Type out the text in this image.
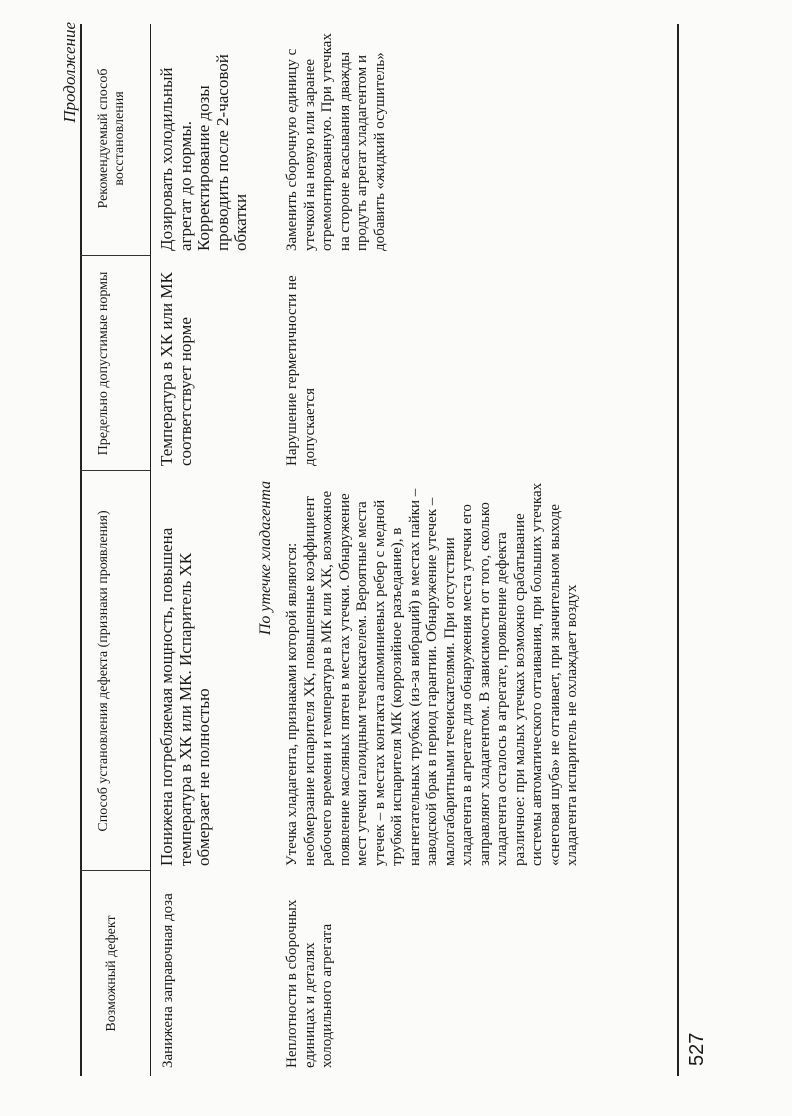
Продолжение
Возможный дефект
Способ установления дефекта (признаки проявления)
Предельно допустимые нормы
Рекомендуемый способ восстановления
Занижена заправочная доза
Понижена потребляемая мощность, повышена температура в ХК или МК. Испаритель ХК обмерзает не полностью
Температура в ХК или МК соответствует норме
Дозировать холодильный агрегат до нормы. Корректирование дозы проводить после 2-часовой обкатки
По утечке хладагента
Неплотности в сборочных единицах и деталях холодильного агрегата
Утечка хладагента, признаками которой являются: необмерзание испарителя ХК, повышенные коэффициент рабочего времени и температура в МК или ХК, возможное появление масляных пятен в местах утечки. Обнаружение мест утечки галоидным течеискателем. Вероятные места утечек – в местах контакта алюминиевых ребер с медной трубкой испарителя МК (коррозийное разъедание), в нагнетательных трубках (из-за вибраций) в местах пайки – заводской брак в период гарантии. Обнаружение утечек – малогабаритными течеискателями. При отсутствии хладагента в агрегате для обнаружения места утечки его заправляют хладагентом. В зависимости от того, сколько хладагента осталось в агрегате, проявление дефекта различное: при малых утечках возможно срабатывание системы автоматического оттаивания, при больших утечках «снеговая шуба» не оттаивает, при значительном выходе хладагента испаритель не охлаждает воздух
Нарушение герметичности не допускается
Заменить сборочную единицу с утечкой на новую или заранее отремонтированную. При утечках на стороне всасывания дважды продуть агрегат хладагентом и добавить «жидкий осушитель»
527
